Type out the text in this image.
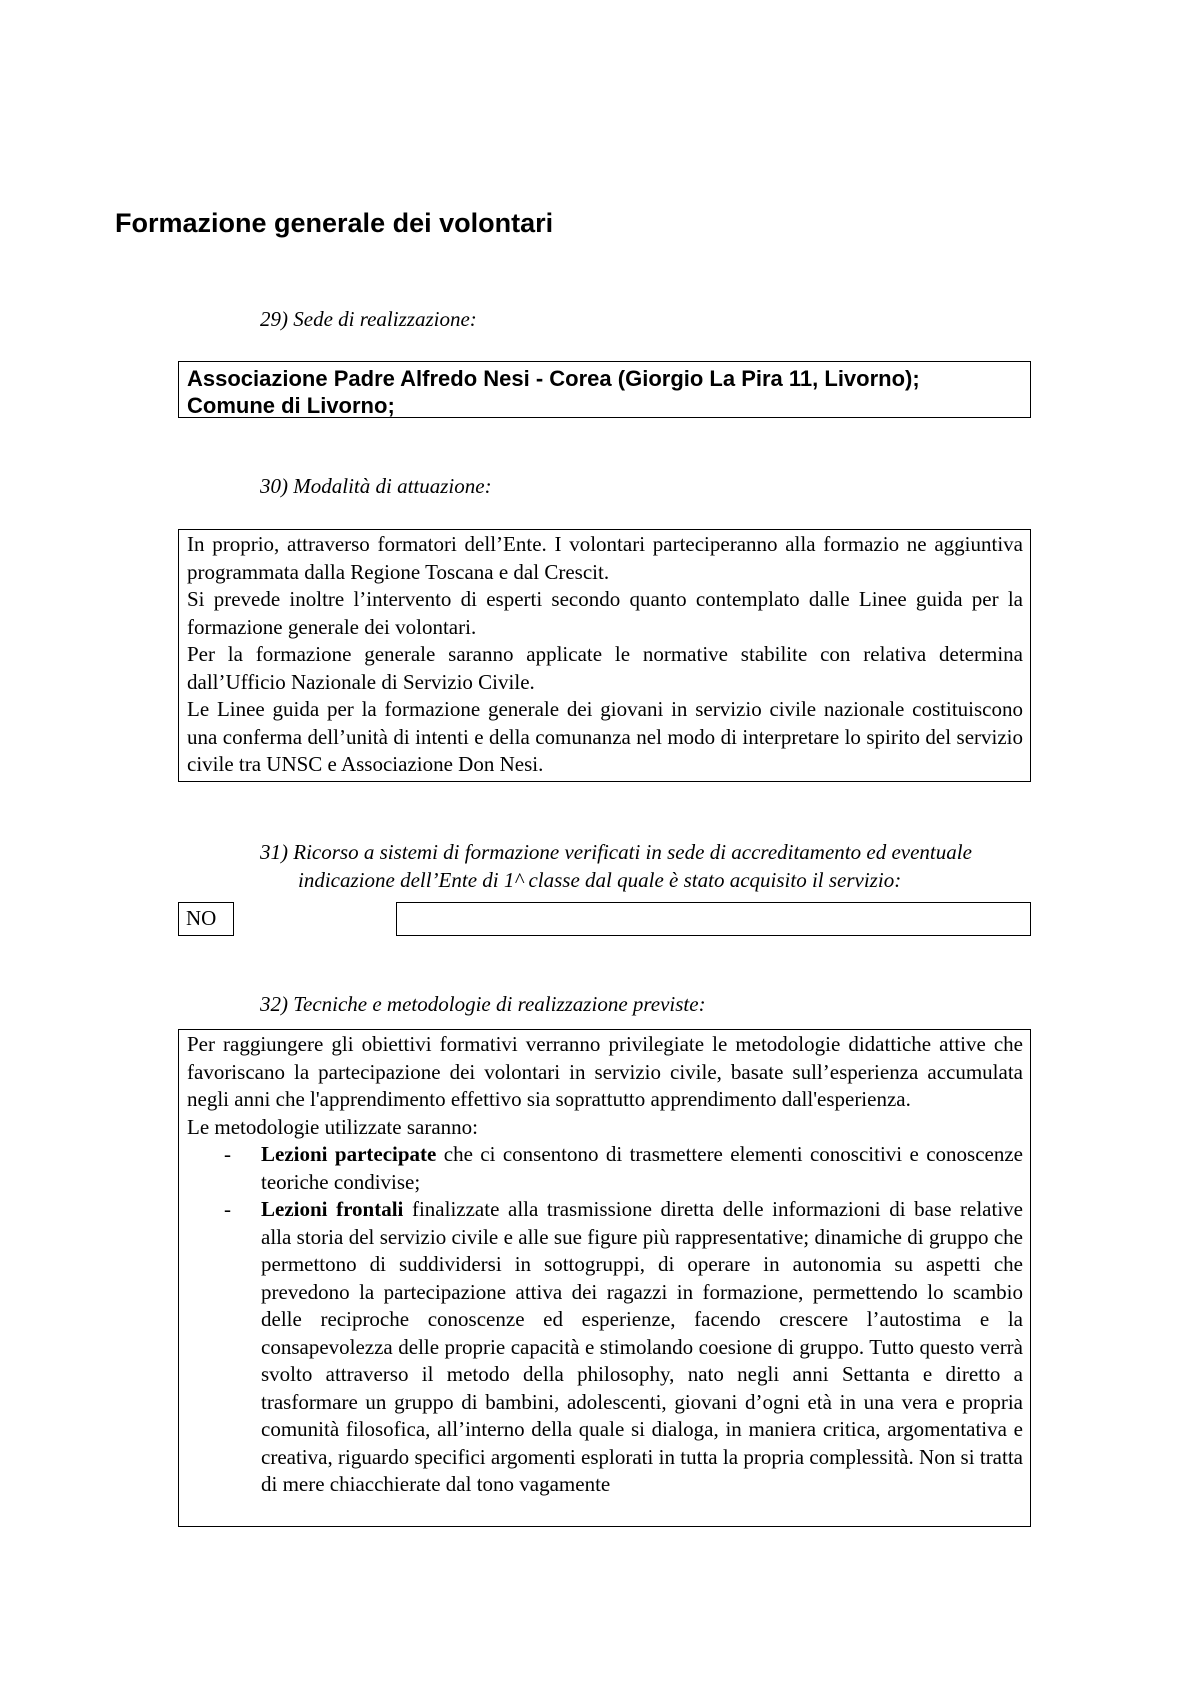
Formazione generale dei volontari
29) Sede di realizzazione:
Associazione Padre Alfredo Nesi - Corea (Giorgio La Pira 11, Livorno);
Comune di Livorno;
30) Modalità di attuazione:

In proprio, attraverso formatori dell’Ente. I volontari parteciperanno alla formazio ne aggiuntiva programmata dalla Regione Toscana e dal Crescit.

Si prevede inoltre l’intervento di esperti secondo quanto contemplato dalle Linee guida per la formazione generale dei volontari.

Per la formazione generale saranno applicate le normative stabilite con relativa determina dall’Ufficio Nazionale di Servizio Civile.

Le Linee guida per la formazione generale dei giovani in servizio civile nazionale costituiscono una conferma dell’unità di intenti e della comunanza nel modo di interpretare lo spirito del servizio civile tra UNSC e Associazione Don Nesi.

31) Ricorso a sistemi di formazione verificati in sede di accreditamento ed eventuale
indicazione dell’Ente di 1^ classe dal quale è stato acquisito il servizio:
NO
32) Tecniche e metodologie di realizzazione previste:

Per raggiungere gli obiettivi formativi verranno privilegiate le metodologie didattiche attive che favoriscano la partecipazione dei volontari in servizio civile, basate sull’esperienza accumulata negli anni che l'apprendimento effettivo sia soprattutto apprendimento dall'esperienza.

Le metodologie utilizzate saranno:

- Lezioni partecipate che ci consentono di trasmettere elementi conoscitivi e conoscenze teoriche condivise;
- Lezioni frontali finalizzate alla trasmissione diretta delle informazioni di base relative alla storia del servizio civile e alle sue figure più rappresentative; dinamiche di gruppo che permettono di suddividersi in sottogruppi, di operare in autonomia su aspetti che prevedono la partecipazione attiva dei ragazzi in formazione, permettendo lo scambio delle reciproche conoscenze ed esperienze, facendo crescere l’autostima e la consapevolezza delle proprie capacità e stimolando coesione di gruppo. Tutto questo verrà svolto attraverso il metodo della philosophy, nato negli anni Settanta e diretto a trasformare un gruppo di bambini, adolescenti, giovani d’ogni età in una vera e propria comunità filosofica, all’interno della quale si dialoga, in maniera critica, argomentativa e creativa, riguardo specifici argomenti esplorati in tutta la propria complessità. Non si tratta di mere chiacchierate dal tono vagamente
